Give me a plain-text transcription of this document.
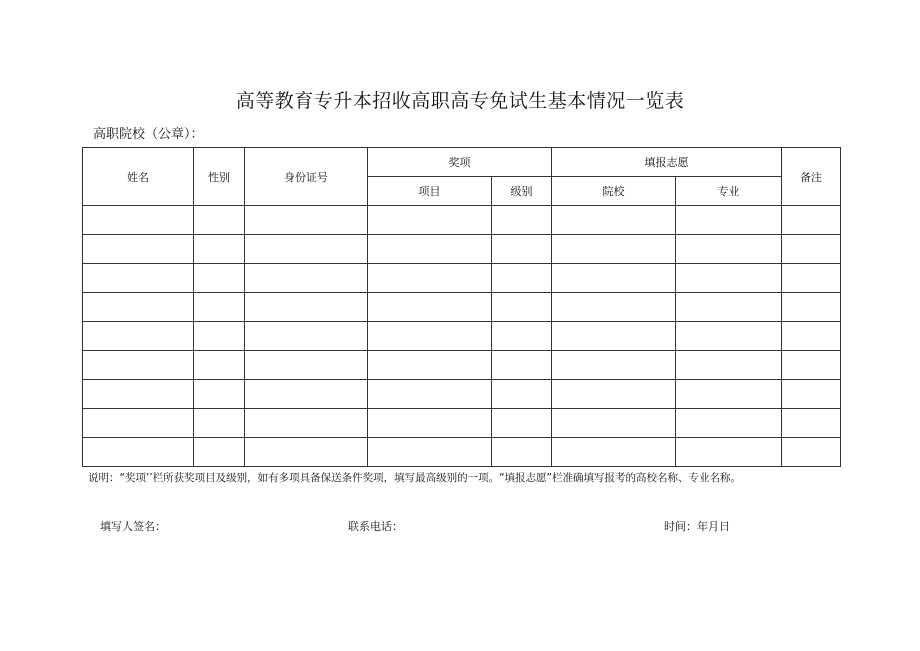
高等教育专升本招收高职高专免试生基本情况一览表
高职院校（公章）：
姓名	性别	身份证号	奖项		填报志愿		备注
			项目	级别	院校	专业	

说明：“奖项’’栏所获奖项目及级别，如有多项具备保送条件奖项，填写最高级别的一项。“填报志愿”栏准确填写报考的高校名称、专业名称。
填写人签名：	联系电话：	时间：年月日
